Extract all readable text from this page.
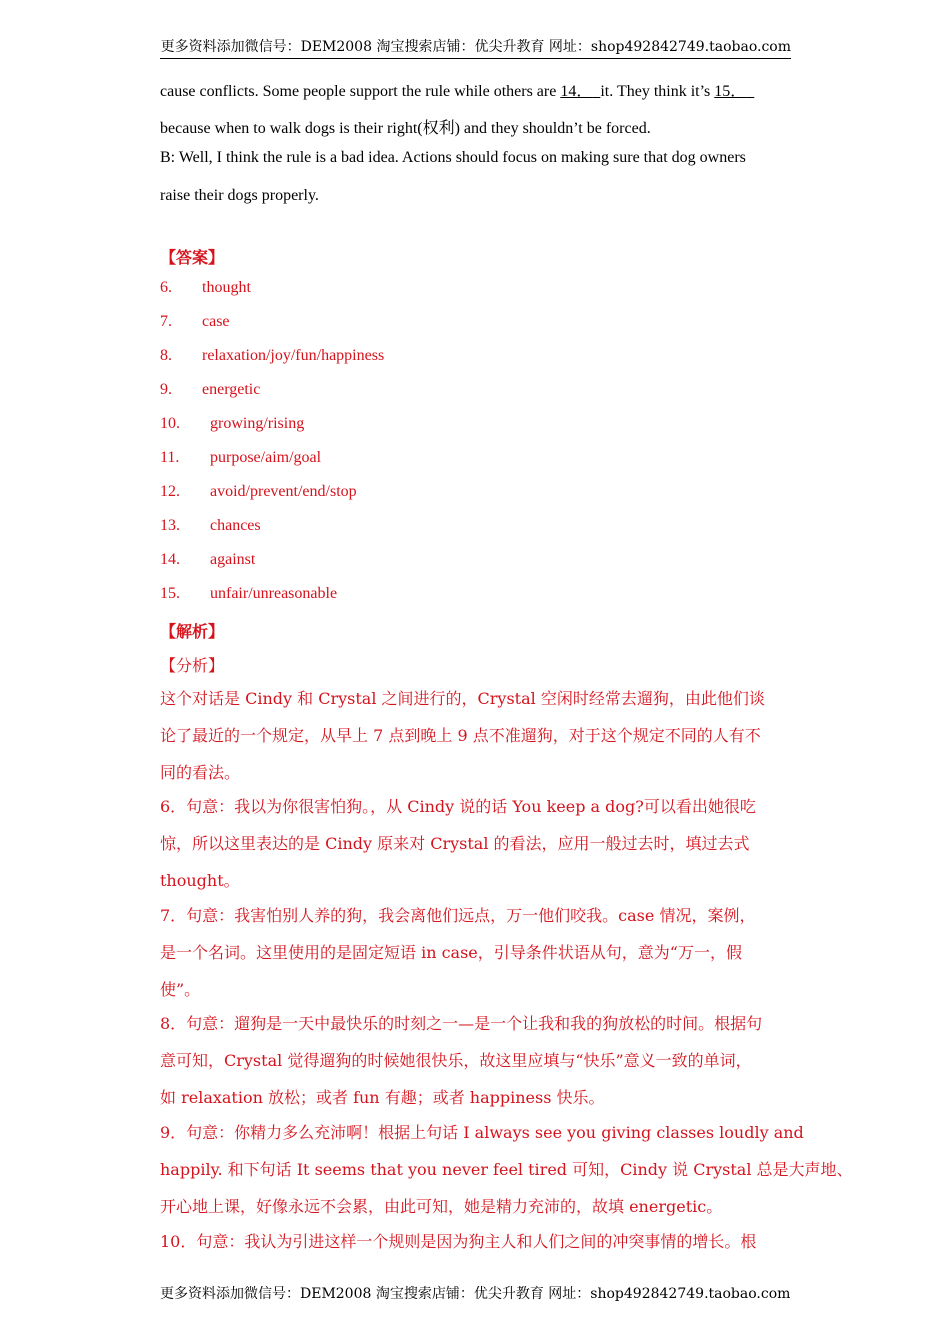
更多资料添加微信号：DEM2008 淘宝搜索店铺：优尖升教育 网址：shop492842749.taobao.com
cause conflicts. Some people support the rule while others are 14． it. They think it’s 15．
because when to walk dogs is their right(权利) and they shouldn’t be forced.
B: Well, I think the rule is a bad idea. Actions should focus on making sure that dog owners
raise their dogs properly.
【答案】
6. thought
7. case
8. relaxation/joy/fun/happiness
9. energetic
10. growing/rising
11. purpose/aim/goal
12. avoid/prevent/end/stop
13. chances
14. against
15. unfair/unreasonable
【解析】
【分析】
这个对话是 Cindy 和 Crystal 之间进行的，Crystal 空闲时经常去遛狗，由此他们谈
论了最近的一个规定，从早上 7 点到晚上 9 点不准遛狗，对于这个规定不同的人有不
同的看法。
6．句意：我以为你很害怕狗。，从 Cindy 说的话 You keep a dog?可以看出她很吃
惊，所以这里表达的是 Cindy 原来对 Crystal 的看法，应用一般过去时，填过去式
thought。
7．句意：我害怕别人养的狗，我会离他们远点，万一他们咬我。case 情况，案例，
是一个名词。这里使用的是固定短语 in case，引导条件状语从句，意为“万一，假
使”。
8．句意：遛狗是一天中最快乐的时刻之一—是一个让我和我的狗放松的时间。根据句
意可知，Crystal 觉得遛狗的时候她很快乐，故这里应填与“快乐”意义一致的单词，
如 relaxation 放松；或者 fun 有趣；或者 happiness 快乐。
9．句意：你精力多么充沛啊！根据上句话 I always see you giving classes loudly and
happily. 和下句话 It seems that you never feel tired 可知，Cindy 说 Crystal 总是大声地、
开心地上课，好像永远不会累，由此可知，她是精力充沛的，故填 energetic。
10．句意：我认为引进这样一个规则是因为狗主人和人们之间的冲突事情的增长。根
更多资料添加微信号：DEM2008 淘宝搜索店铺：优尖升教育 网址：shop492842749.taobao.com
